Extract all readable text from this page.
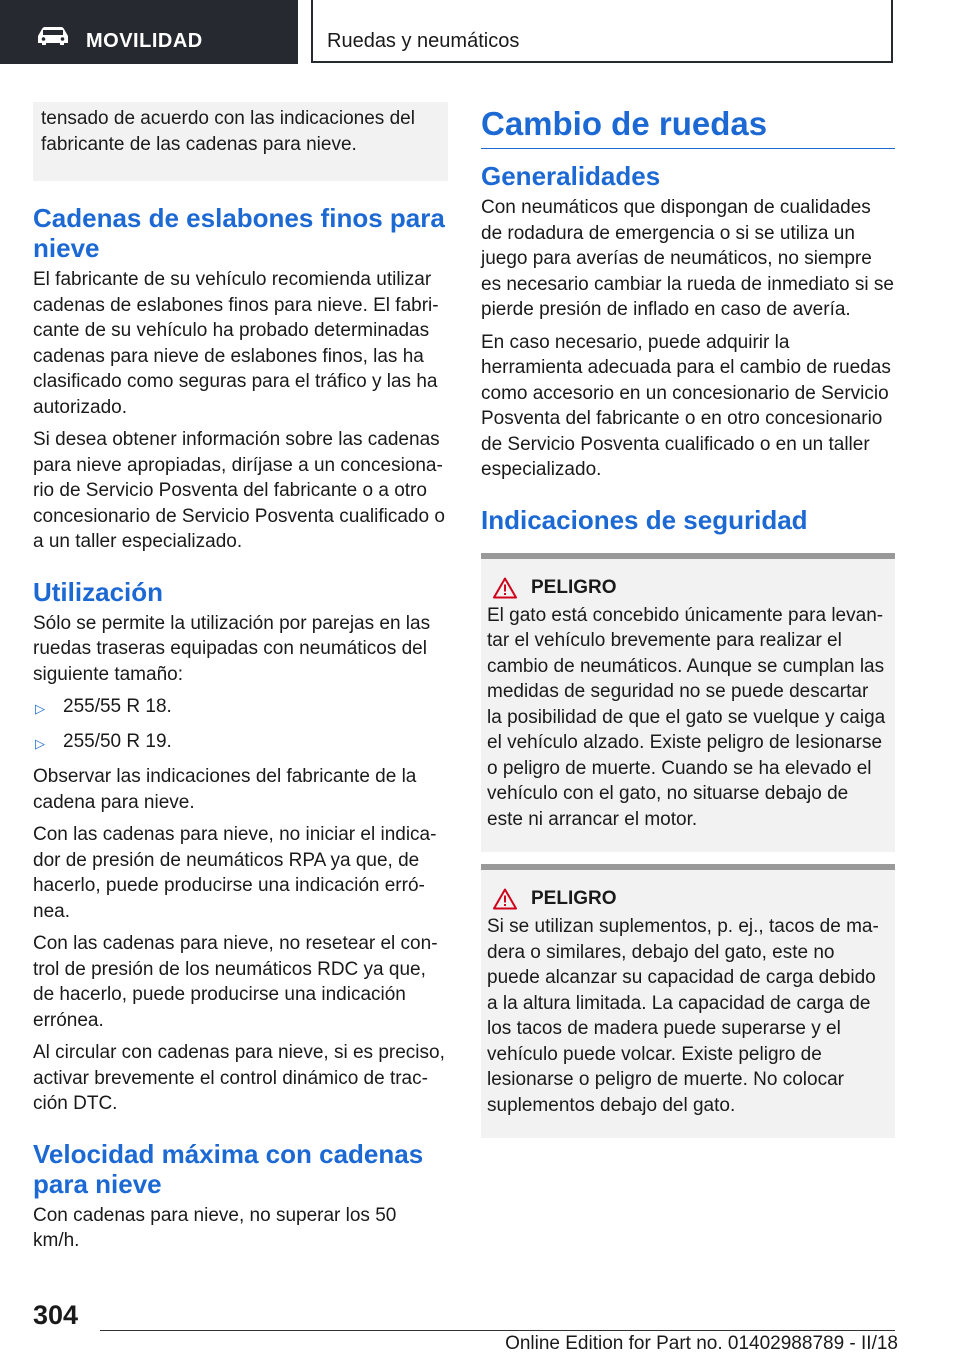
MOVILIDAD	Ruedas y neumáticos

tensado de acuerdo con las indicaciones del fabricante de las cadenas para nieve.

Cadenas de eslabones finos para nieve

El fabricante de su vehículo recomienda utilizar cadenas de eslabones finos para nieve. El fabricante de su vehículo ha probado determinadas cadenas para nieve de eslabones finos, las ha clasificado como seguras para el tráfico y las ha autorizado.

Si desea obtener información sobre las cadenas para nieve apropiadas, diríjase a un concesionario de Servicio Posventa del fabricante o a otro concesionario de Servicio Posventa cualificado o a un taller especializado.

Utilización

Sólo se permite la utilización por parejas en las ruedas traseras equipadas con neumáticos del siguiente tamaño:

▷ 255/55 R 18.
▷ 255/50 R 19.

Observar las indicaciones del fabricante de la cadena para nieve.

Con las cadenas para nieve, no iniciar el indicador de presión de neumáticos RPA ya que, de hacerlo, puede producirse una indicación errónea.

Con las cadenas para nieve, no resetear el control de presión de los neumáticos RDC ya que, de hacerlo, puede producirse una indicación errónea.

Al circular con cadenas para nieve, si es preciso, activar brevemente el control dinámico de tracción DTC.

Velocidad máxima con cadenas para nieve

Con cadenas para nieve, no superar los 50 km/h.

Cambio de ruedas
Generalidades

Con neumáticos que dispongan de cualidades de rodadura de emergencia o si se utiliza un juego para averías de neumáticos, no siempre es necesario cambiar la rueda de inmediato si se pierde presión de inflado en caso de avería.

En caso necesario, puede adquirir la herramienta adecuada para el cambio de ruedas como accesorio en un concesionario de Servicio Posventa del fabricante o en otro concesionario de Servicio Posventa cualificado o en un taller especializado.

Indicaciones de seguridad
PELIGRO

El gato está concebido únicamente para levantar el vehículo brevemente para realizar el cambio de neumáticos. Aunque se cumplan las medidas de seguridad no se puede descartar la posibilidad de que el gato se vuelque y caiga el vehículo alzado. Existe peligro de lesionarse o peligro de muerte. Cuando se ha elevado el vehículo con el gato, no situarse debajo de este ni arrancar el motor.

PELIGRO

Si se utilizan suplementos, p. ej., tacos de madera o similares, debajo del gato, este no puede alcanzar su capacidad de carga debido a la altura limitada. La capacidad de carga de los tacos de madera puede superarse y el vehículo puede volcar. Existe peligro de lesionarse o peligro de muerte. No colocar suplementos debajo del gato.

304
Online Edition for Part no. 01402988789 - II/18
